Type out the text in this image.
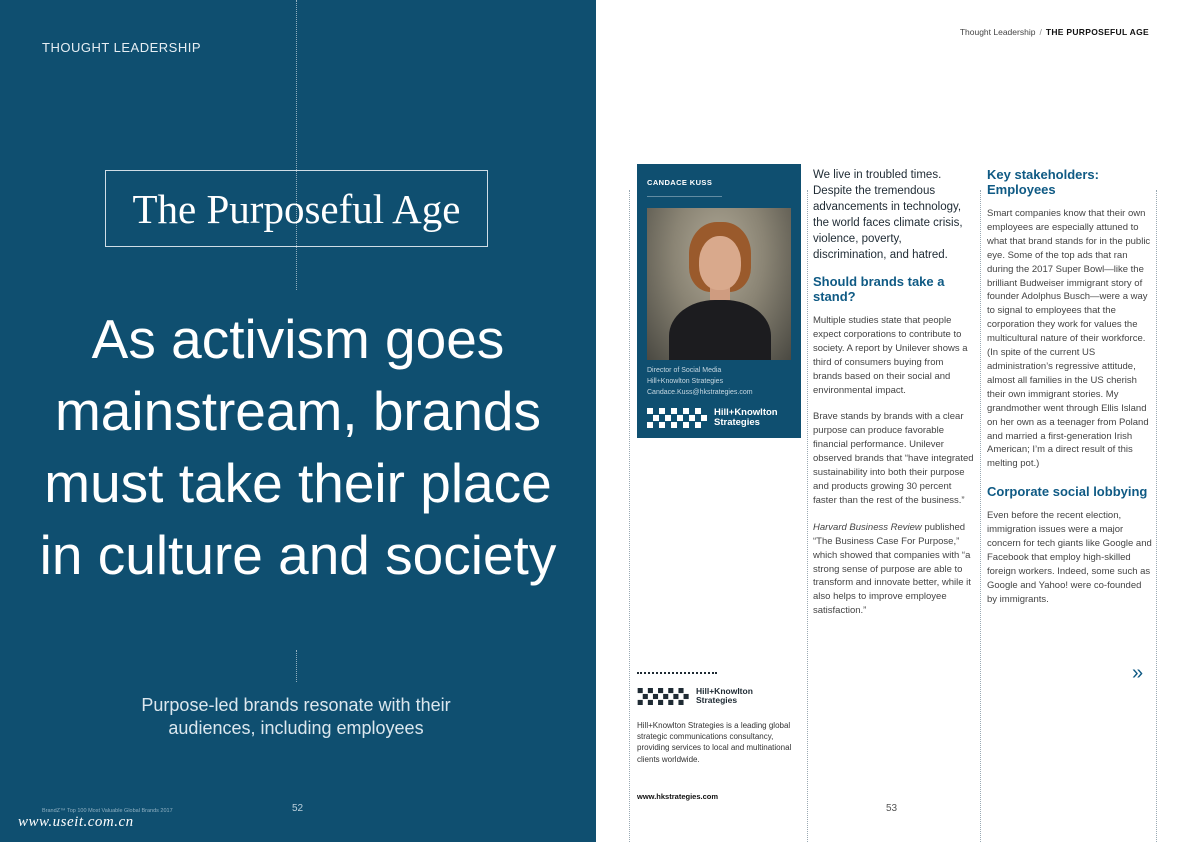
THOUGHT LEADERSHIP
The Purposeful Age
As activism goes mainstream, brands must take their place in culture and society
Purpose-led brands resonate with their audiences, including employees
BrandZ™ Top 100 Most Valuable Global Brands 2017	52
www.useit.com.cn
Thought Leadership / THE PURPOSEFUL AGE
CANDACE KUSS
Director of Social Media
Hill+Knowlton Strategies
Candace.Kuss@hkstrategies.com
Hill+Knowlton
Strategies
Hill+Knowlton
Strategies
Hill+Knowlton Strategies is a leading global strategic communications consultancy, providing services to local and multinational clients worldwide.
www.hkstrategies.com

We live in troubled times. Despite the tremendous advancements in technology, the world faces climate crisis, violence, poverty, discrimination, and hatred.

Should brands take a stand?

Multiple studies state that people expect corporations to contribute to society. A report by Unilever shows a third of consumers buying from brands based on their social and environmental impact.

Brave stands by brands with a clear purpose can produce favorable financial performance. Unilever observed brands that “have integrated sustainability into both their purpose and products growing 30 percent faster than the rest of the business.”

Harvard Business Review published “The Business Case For Purpose,” which showed that companies with “a strong sense of purpose are able to transform and innovate better, while it also helps to improve employee satisfaction.”

Key stakeholders: Employees

Smart companies know that their own employees are especially attuned to what that brand stands for in the public eye. Some of the top ads that ran during the 2017 Super Bowl—like the brilliant Budweiser immigrant story of founder Adolphus Busch—were a way to signal to employees that the corporation they work for values the multicultural nature of their workforce. (In spite of the current US administration’s regressive attitude, almost all families in the US cherish their own immigrant stories. My grandmother went through Ellis Island on her own as a teenager from Poland and married a first-generation Irish American; I’m a direct result of this melting pot.)

Corporate social lobbying

Even before the recent election, immigration issues were a major concern for tech giants like Google and Facebook that employ high-skilled foreign workers. Indeed, some such as Google and Yahoo! were co-founded by immigrants.

»
53
